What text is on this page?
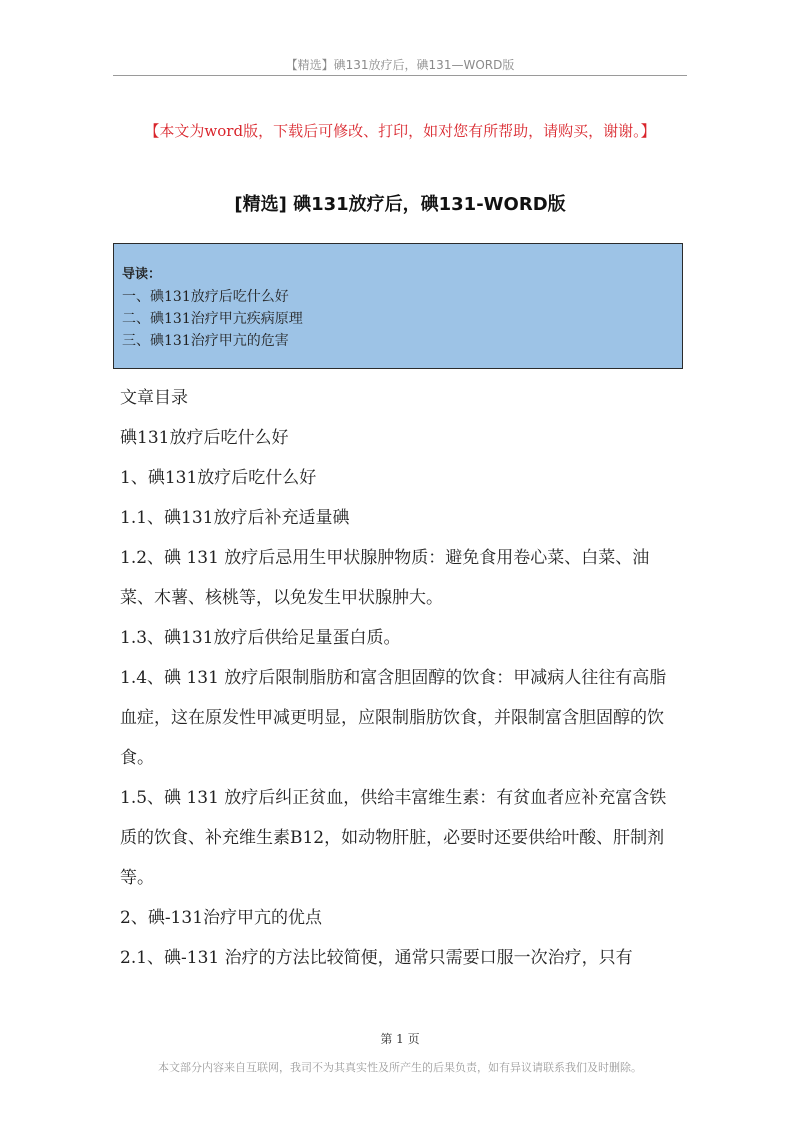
【精选】碘131放疗后，碘131—WORD版
【本文为word版，下载后可修改、打印，如对您有所帮助，请购买，谢谢。】
[精选] 碘131放疗后，碘131-WORD版
导读：
一、碘131放疗后吃什么好
二、碘131治疗甲亢疾病原理
三、碘131治疗甲亢的危害

文章目录

碘131放疗后吃什么好

1、碘131放疗后吃什么好

1.1、碘131放疗后补充适量碘

1.2、碘 131 放疗后忌用生甲状腺肿物质：避免食用卷心菜、白菜、油菜、木薯、核桃等，以免发生甲状腺肿大。

1.3、碘131放疗后供给足量蛋白质。

1.4、碘 131 放疗后限制脂肪和富含胆固醇的饮食：甲减病人往往有高脂血症，这在原发性甲减更明显，应限制脂肪饮食，并限制富含胆固醇的饮食。

1.5、碘 131 放疗后纠正贫血，供给丰富维生素：有贫血者应补充富含铁质的饮食、补充维生素B12，如动物肝脏，必要时还要供给叶酸、肝制剂等。

2、碘-131治疗甲亢的优点

2.1、碘-131 治疗的方法比较简便，通常只需要口服一次治疗，只有

第 1 页
本文部分内容来自互联网，我司不为其真实性及所产生的后果负责，如有异议请联系我们及时删除。
